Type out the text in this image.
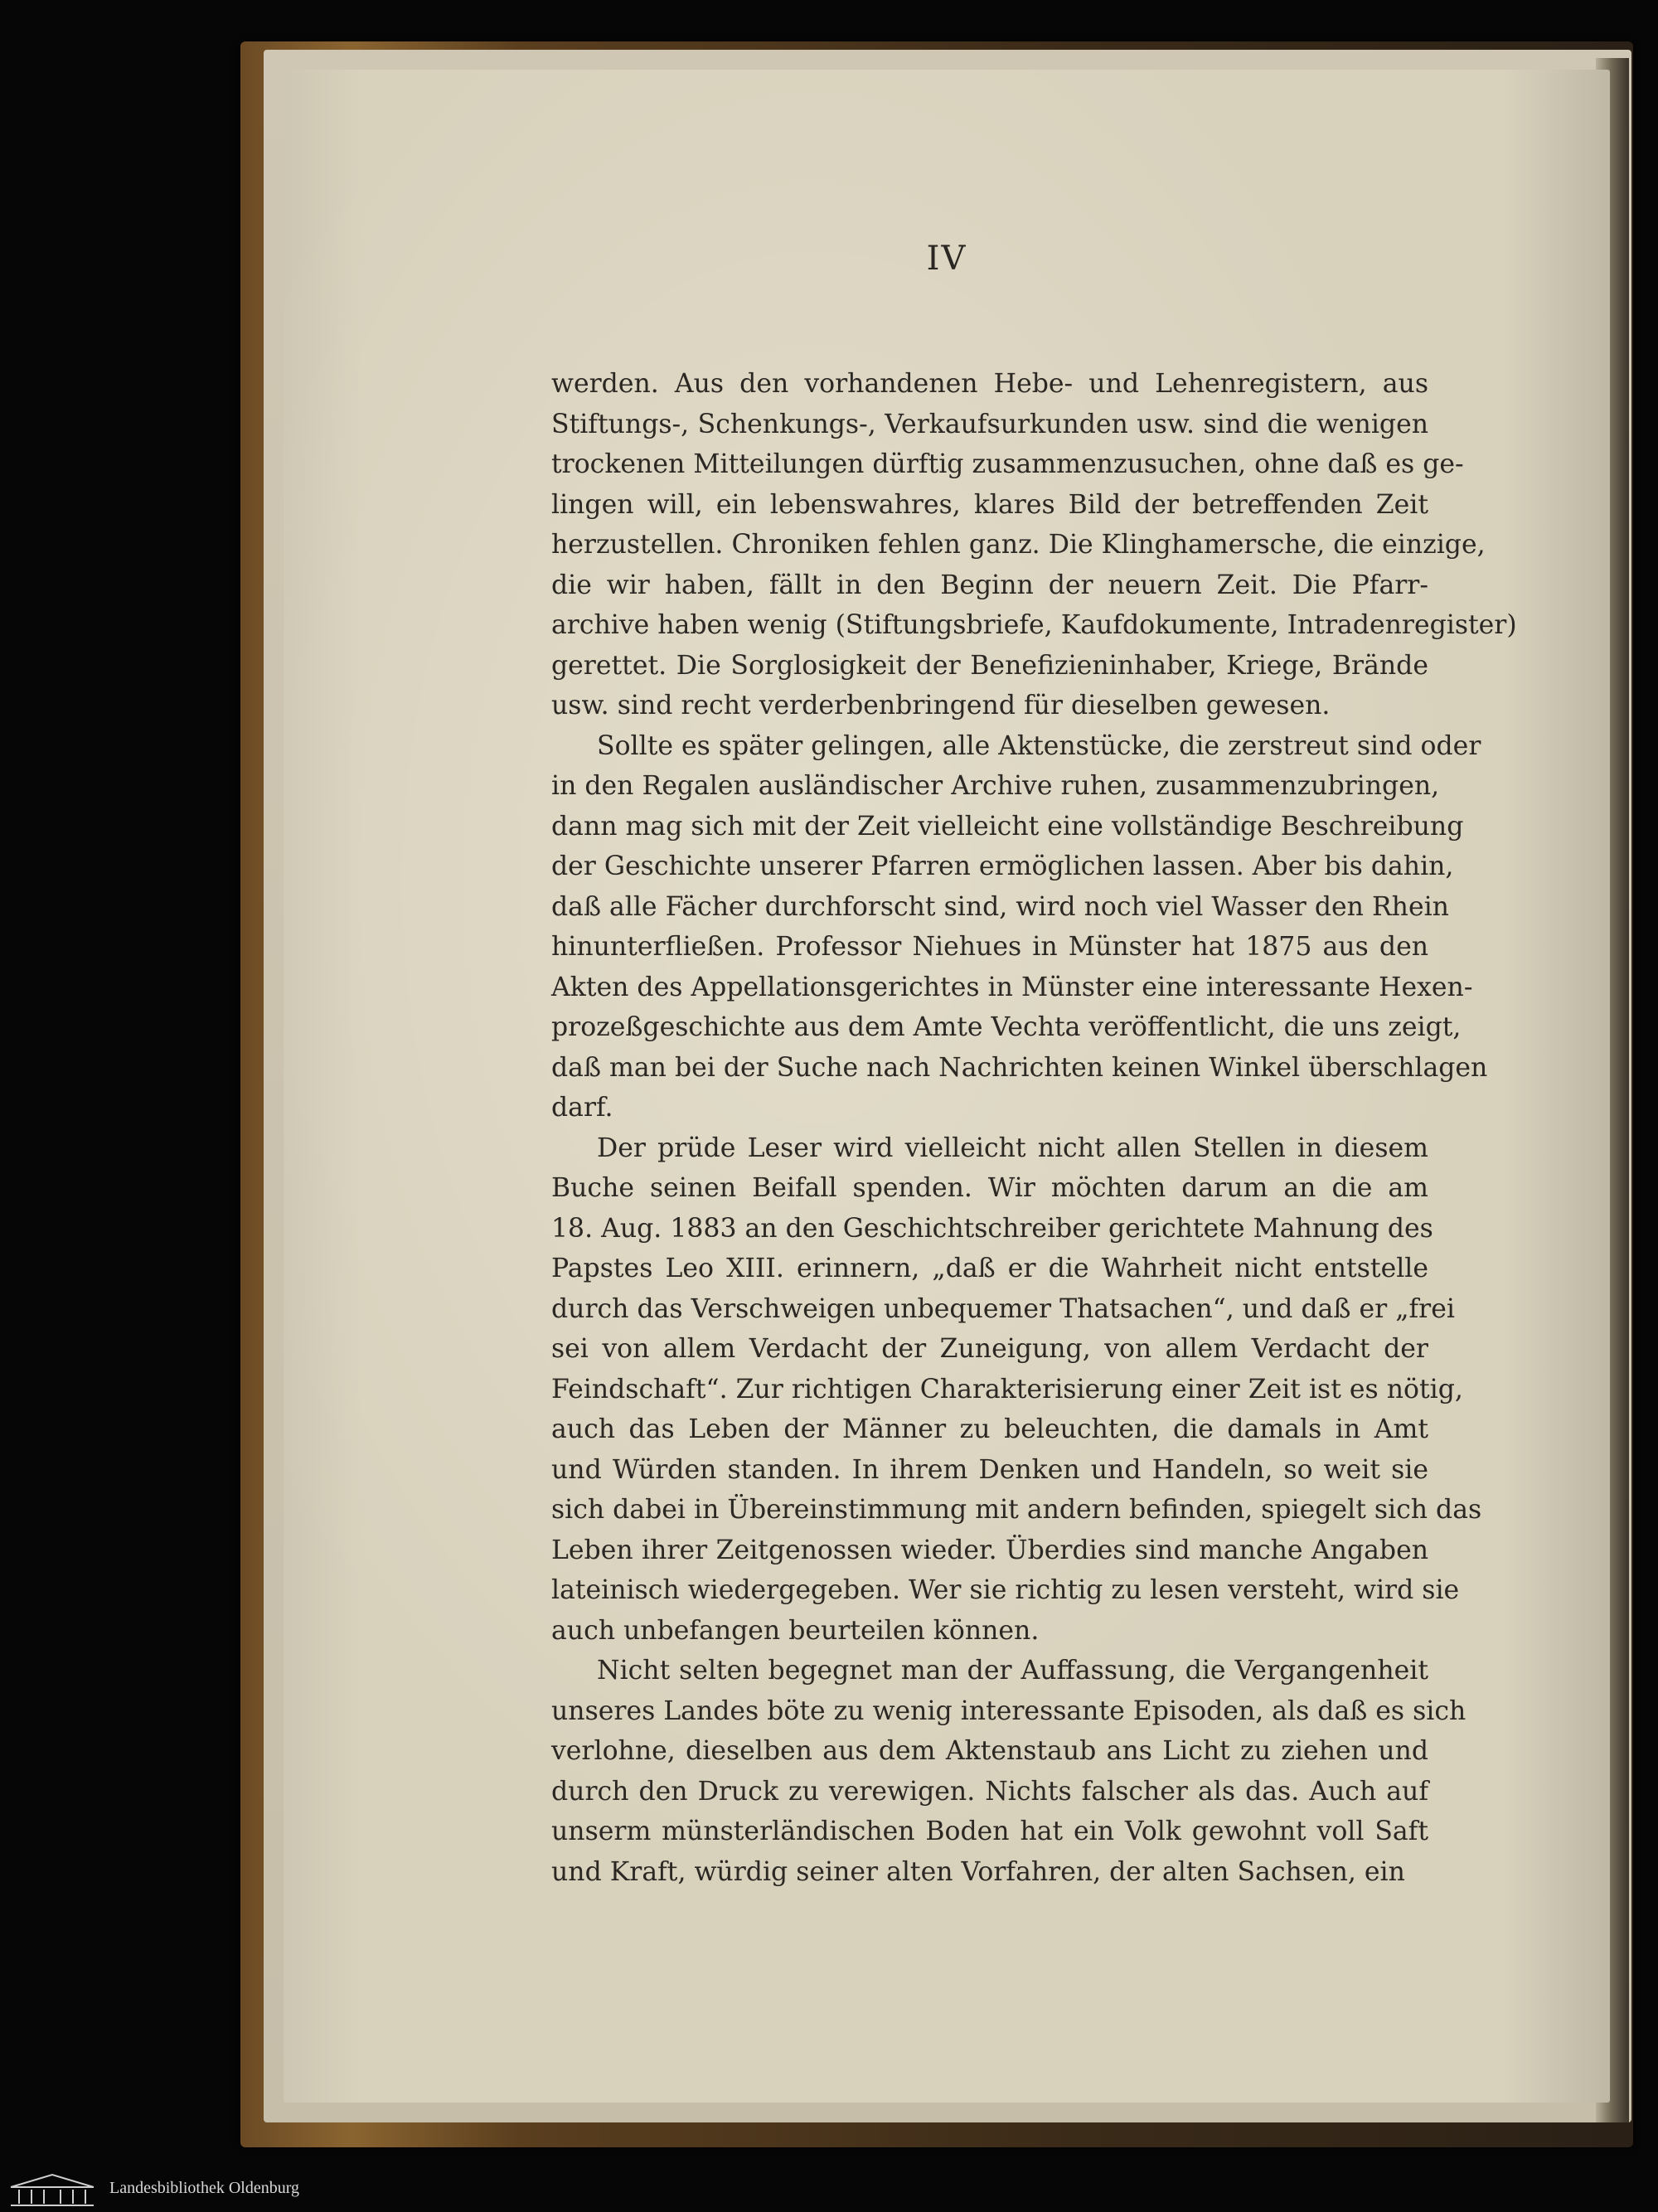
IV
werden. Aus den vorhandenen Hebe- und Lehenregistern, aus
Stiftungs-, Schenkungs-, Verkaufsurkunden usw. sind die wenigen
trockenen Mitteilungen dürftig zusammenzusuchen, ohne daß es ge-
lingen will, ein lebenswahres, klares Bild der betreffenden Zeit
herzustellen. Chroniken fehlen ganz. Die Klinghamersche, die einzige,
die wir haben, fällt in den Beginn der neuern Zeit. Die Pfarr-
archive haben wenig (Stiftungsbriefe, Kaufdokumente, Intradenregister)
gerettet. Die Sorglosigkeit der Benefizieninhaber, Kriege, Brände
usw. sind recht verderbenbringend für dieselben gewesen.
Sollte es später gelingen, alle Aktenstücke, die zerstreut sind oder
in den Regalen ausländischer Archive ruhen, zusammenzubringen,
dann mag sich mit der Zeit vielleicht eine vollständige Beschreibung
der Geschichte unserer Pfarren ermöglichen lassen. Aber bis dahin,
daß alle Fächer durchforscht sind, wird noch viel Wasser den Rhein
hinunterfließen. Professor Niehues in Münster hat 1875 aus den
Akten des Appellationsgerichtes in Münster eine interessante Hexen-
prozeßgeschichte aus dem Amte Vechta veröffentlicht, die uns zeigt,
daß man bei der Suche nach Nachrichten keinen Winkel überschlagen
darf.
Der prüde Leser wird vielleicht nicht allen Stellen in diesem
Buche seinen Beifall spenden. Wir möchten darum an die am
18. Aug. 1883 an den Geschichtschreiber gerichtete Mahnung des
Papstes Leo XIII. erinnern, „daß er die Wahrheit nicht entstelle
durch das Verschweigen unbequemer Thatsachen“, und daß er „frei
sei von allem Verdacht der Zuneigung, von allem Verdacht der
Feindschaft“. Zur richtigen Charakterisierung einer Zeit ist es nötig,
auch das Leben der Männer zu beleuchten, die damals in Amt
und Würden standen. In ihrem Denken und Handeln, so weit sie
sich dabei in Übereinstimmung mit andern befinden, spiegelt sich das
Leben ihrer Zeitgenossen wieder. Überdies sind manche Angaben
lateinisch wiedergegeben. Wer sie richtig zu lesen versteht, wird sie
auch unbefangen beurteilen können.
Nicht selten begegnet man der Auffassung, die Vergangenheit
unseres Landes böte zu wenig interessante Episoden, als daß es sich
verlohne, dieselben aus dem Aktenstaub ans Licht zu ziehen und
durch den Druck zu verewigen. Nichts falscher als das. Auch auf
unserm münsterländischen Boden hat ein Volk gewohnt voll Saft
und Kraft, würdig seiner alten Vorfahren, der alten Sachsen, ein
Landesbibliothek Oldenburg
